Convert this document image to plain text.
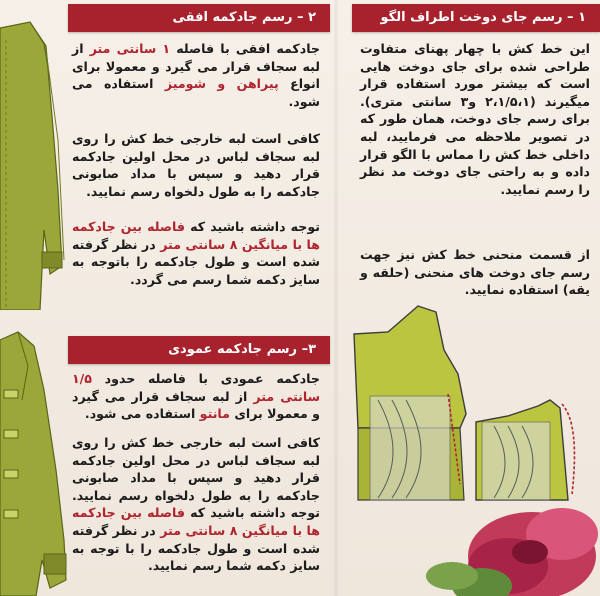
۱ – رسم جای دوخت اطراف الگو

این خط کش با چهار پهنای متفاوت طراحی شده برای جای دوخت هایی است که بیشتر مورد استفاده قرار میگیرند (۲،۱/۵،۱ و۳ سانتی متری). برای رسم جای دوخت، همان طور که در تصویر ملاحظه می فرمایید، لبه داخلی خط کش را مماس با الگو قرار داده و به راحتی جای دوخت مد نظر را رسم نمایید.

از قسمت منحنی خط کش نیز جهت رسم جای دوخت های منحنی (حلقه و یقه) استفاده نمایید.

۲ – رسم جادکمه افقی

جادکمه افقی با فاصله ۱ سانتی متر از لبه سجاف قرار می گیرد و معمولا برای انواع پیراهن و شومیز استفاده می شود.

کافی است لبه خارجی خط کش را روی لبه سجاف لباس در محل اولین جادکمه قرار دهید و سپس با مداد صابونی جادکمه را به طول دلخواه رسم نمایید.

توجه داشته باشید که فاصله بین جادکمه ها با میانگین ۸ سانتی متر در نظر گرفته شده است و طول جادکمه را باتوجه به سایز دکمه شما رسم می گردد.

۳– رسم جادکمه عمودی

جادکمه عمودی با فاصله حدود ۱/۵ سانتی متر از لبه سجاف قرار می گیرد و معمولا برای مانتو استفاده می شود.

کافی است لبه خارجی خط کش را روی لبه سجاف لباس در محل اولین جادکمه قرار دهید و سپس با مداد صابونی جادکمه را به طول دلخواه رسم نمایید. توجه داشته باشید که فاصله بین جادکمه ها با میانگین ۸ سانتی متر در نظر گرفته شده است و طول جادکمه را با توجه به سایز دکمه شما رسم نمایید.
